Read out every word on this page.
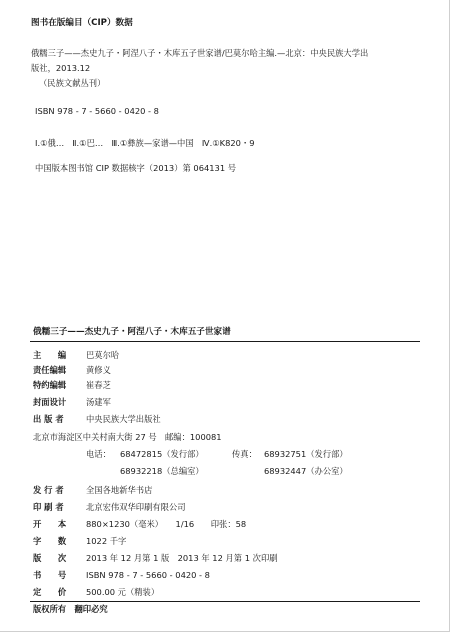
图书在版编目（CIP）数据
俄糯三子——杰史九子・阿涅八子・木库五子世家谱/巴莫尔哈主编.—北京：中央民族大学出
版社，2013.12
（民族文献丛刊）
ISBN 978 - 7 - 5660 - 0420 - 8
Ⅰ.①俄…　Ⅱ.①巴…　Ⅲ.①彝族—家谱—中国　Ⅳ.①K820・9
中国版本图书馆 CIP 数据核字（2013）第 064131 号
俄糯三子——杰史九子・阿涅八子・木库五子世家谱
主　　编 巴莫尔哈
责任编辑 黄修义
特约编辑 崔春芝
封面设计 汤建军
出 版 者	中央民族大学出版社
北京市海淀区中关村南大街 27 号　邮编：100081
电话： 68472815（发行部）	传真： 68932751（发行部）
68932218（总编室）	68932447（办公室）
发 行 者	全国各地新华书店
印 刷 者	北京宏伟双华印刷有限公司
开　　本 880×1230（毫米）　　1/16　　印张：58
字　　数 1022 千字
版　　次 2013 年 12 月第 1 版　2013 年 12 月第 1 次印刷
书　　号 ISBN 978 - 7 - 5660 - 0420 - 8
定　　价 500.00 元（精装）
版权所有　翻印必究
